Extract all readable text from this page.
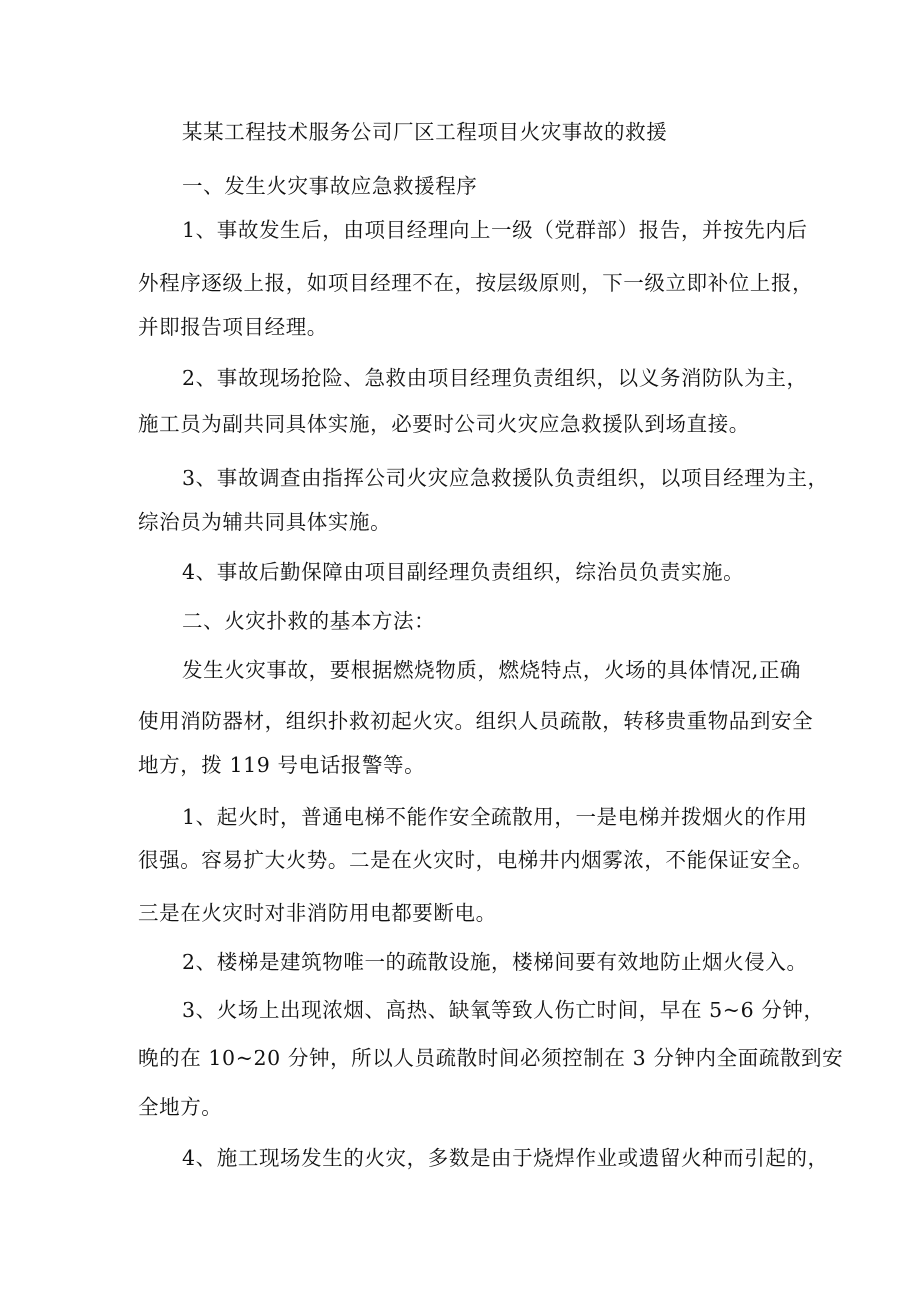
某某工程技术服务公司厂区工程项目火灾事故的救援
一、发生火灾事故应急救援程序
1、事故发生后，由项目经理向上一级（党群部）报告，并按先内后
外程序逐级上报，如项目经理不在，按层级原则，下一级立即补位上报，
并即报告项目经理。
2、事故现场抢险、急救由项目经理负责组织，以义务消防队为主，
施工员为副共同具体实施，必要时公司火灾应急救援队到场直接。
3、事故调查由指挥公司火灾应急救援队负责组织，以项目经理为主，
综治员为辅共同具体实施。
4、事故后勤保障由项目副经理负责组织，综治员负责实施。
二、火灾扑救的基本方法：
发生火灾事故，要根据燃烧物质，燃烧特点，火场的具体情况,正确
使用消防器材，组织扑救初起火灾。组织人员疏散，转移贵重物品到安全
地方，拨 119 号电话报警等。
1、起火时，普通电梯不能作安全疏散用，一是电梯并拨烟火的作用
很强。容易扩大火势。二是在火灾时，电梯井内烟雾浓，不能保证安全。
三是在火灾时对非消防用电都要断电。
2、楼梯是建筑物唯一的疏散设施，楼梯间要有效地防止烟火侵入。
3、火场上出现浓烟、高热、缺氧等致人伤亡时间，早在 5~6 分钟，
晚的在 10~20 分钟，所以人员疏散时间必须控制在 3 分钟内全面疏散到安
全地方。
4、施工现场发生的火灾，多数是由于烧焊作业或遗留火种而引起的，
